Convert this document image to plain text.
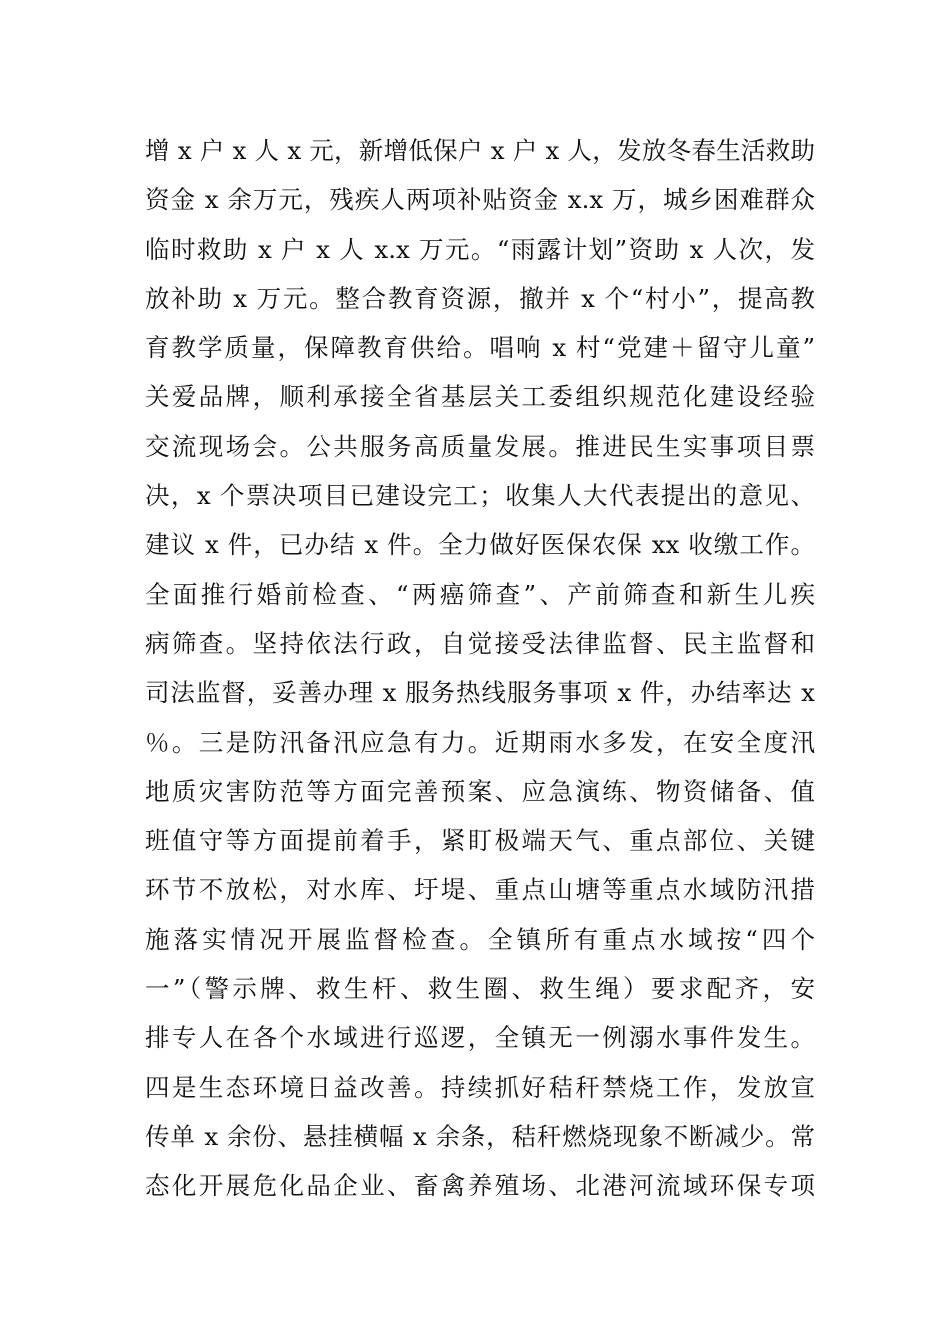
增 x 户 x 人 x 元，新增低保户 x 户 x 人，发放冬春生活救助
资金 x 余万元，残疾人两项补贴资金 x.x 万，城乡困难群众
临时救助 x 户 x 人 x.x 万元。“雨露计划”资助 x 人次，发
放补助 x 万元。整合教育资源，撤并 x 个“村小”，提高教
育教学质量，保障教育供给。唱响 x 村“党建＋留守儿童”
关爱品牌，顺利承接全省基层关工委组织规范化建设经验
交流现场会。公共服务高质量发展。推进民生实事项目票
决，x 个票决项目已建设完工；收集人大代表提出的意见、
建议 x 件，已办结 x 件。全力做好医保农保 xx 收缴工作。
全面推行婚前检查、“两癌筛查”、产前筛查和新生儿疾
病筛查。坚持依法行政，自觉接受法律监督、民主监督和
司法监督，妥善办理 x 服务热线服务事项 x 件，办结率达 x
％。三是防汛备汛应急有力。近期雨水多发，在安全度汛
地质灾害防范等方面完善预案、应急演练、物资储备、值
班值守等方面提前着手，紧盯极端天气、重点部位、关键
环节不放松，对水库、圩堤、重点山塘等重点水域防汛措
施落实情况开展监督检查。全镇所有重点水域按“四个
一”（警示牌、救生杆、救生圈、救生绳）要求配齐，安
排专人在各个水域进行巡逻，全镇无一例溺水事件发生。
四是生态环境日益改善。持续抓好秸秆禁烧工作，发放宣
传单 x 余份、悬挂横幅 x 余条，秸秆燃烧现象不断减少。常
态化开展危化品企业、畜禽养殖场、北港河流域环保专项
